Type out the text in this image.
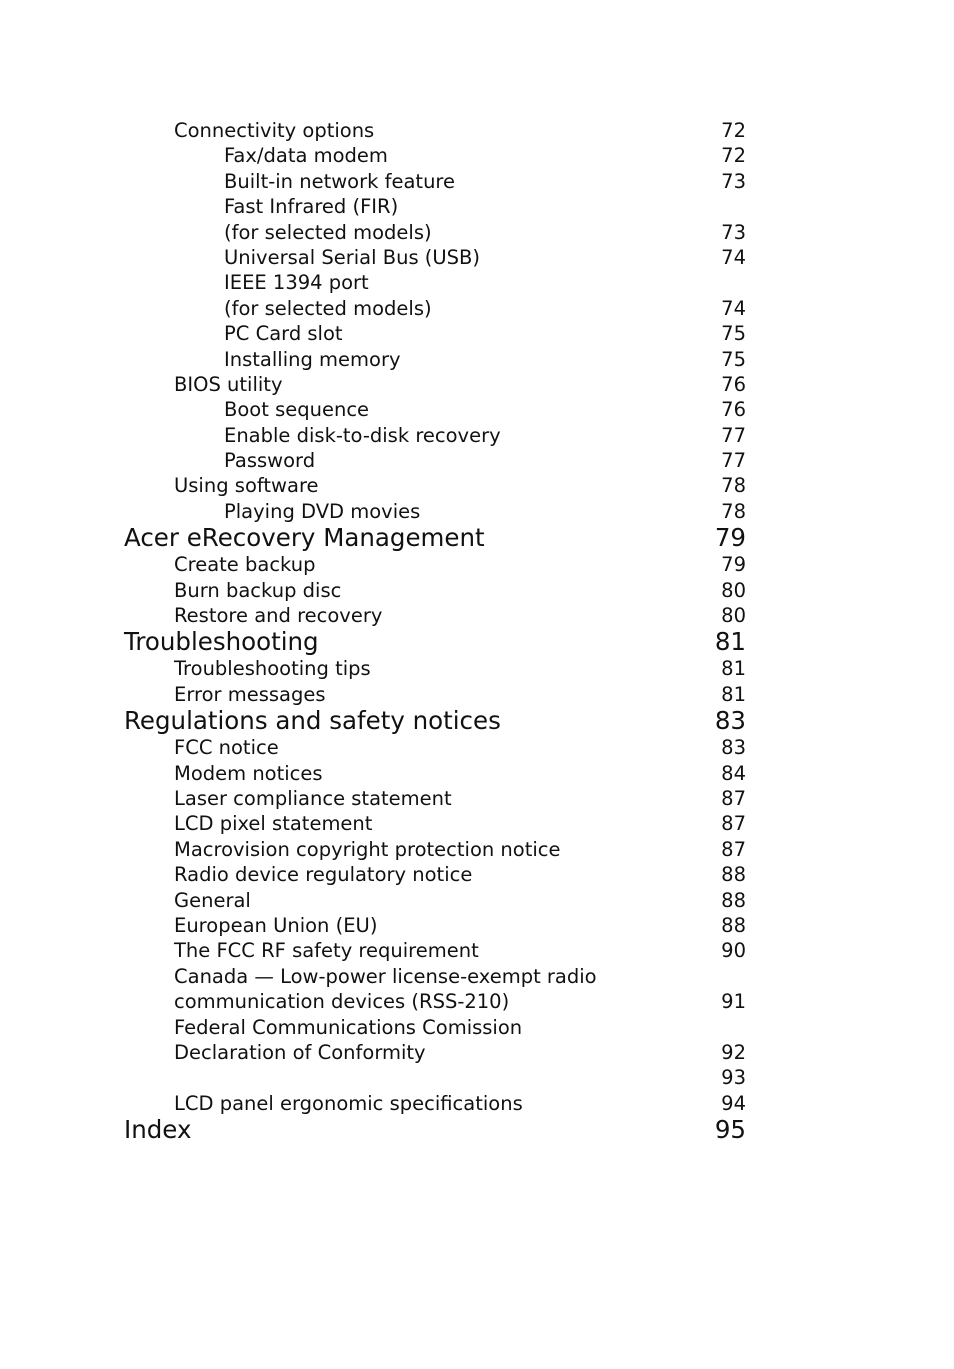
Connectivity options	72
Fax/data modem	72
Built-in network feature	73
Fast Infrared (FIR)
(for selected models)	73
Universal Serial Bus (USB)	74
IEEE 1394 port
(for selected models)	74
PC Card slot	75
Installing memory	75
BIOS utility	76
Boot sequence	76
Enable disk-to-disk recovery	77
Password	77
Using software	78
Playing DVD movies	78
Acer eRecovery Management	79
Create backup	79
Burn backup disc	80
Restore and recovery	80
Troubleshooting	81
Troubleshooting tips	81
Error messages	81
Regulations and safety notices	83
FCC notice	83
Modem notices	84
Laser compliance statement	87
LCD pixel statement	87
Macrovision copyright protection notice	87
Radio device regulatory notice	88
General	88
European Union (EU)	88
The FCC RF safety requirement	90
Canada — Low-power license-exempt radio
communication devices (RSS-210)	91
Federal Communications Comission
Declaration of Conformity	92
93
LCD panel ergonomic specifications	94
Index	95
